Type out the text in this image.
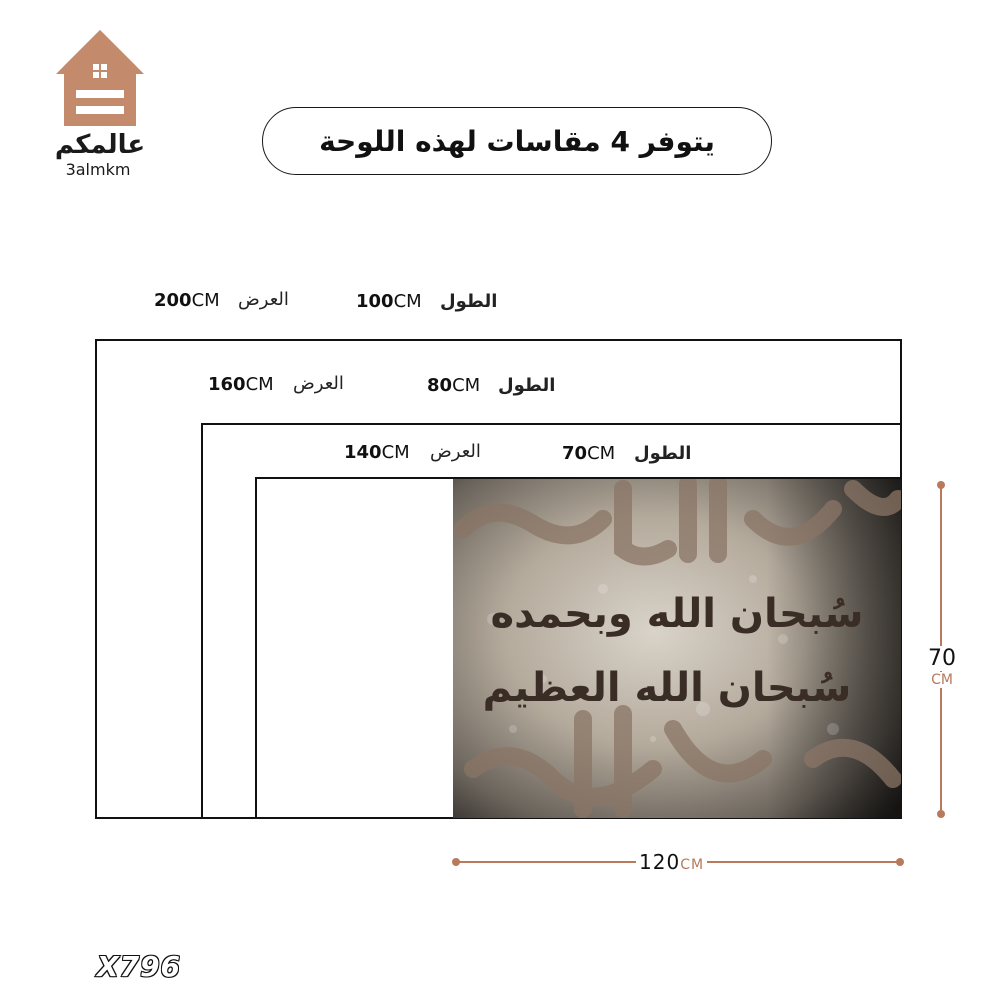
عالمكم
3almkm
يتوفر 4 مقاسات لهذه اللوحة
200CM العرض	100CM الطول
160CM العرض	80CM الطول
140CM العرض	70CM الطول
سُبحان الله وبحمده
سُبحان الله العظيم
120CM
70
CM
X796
